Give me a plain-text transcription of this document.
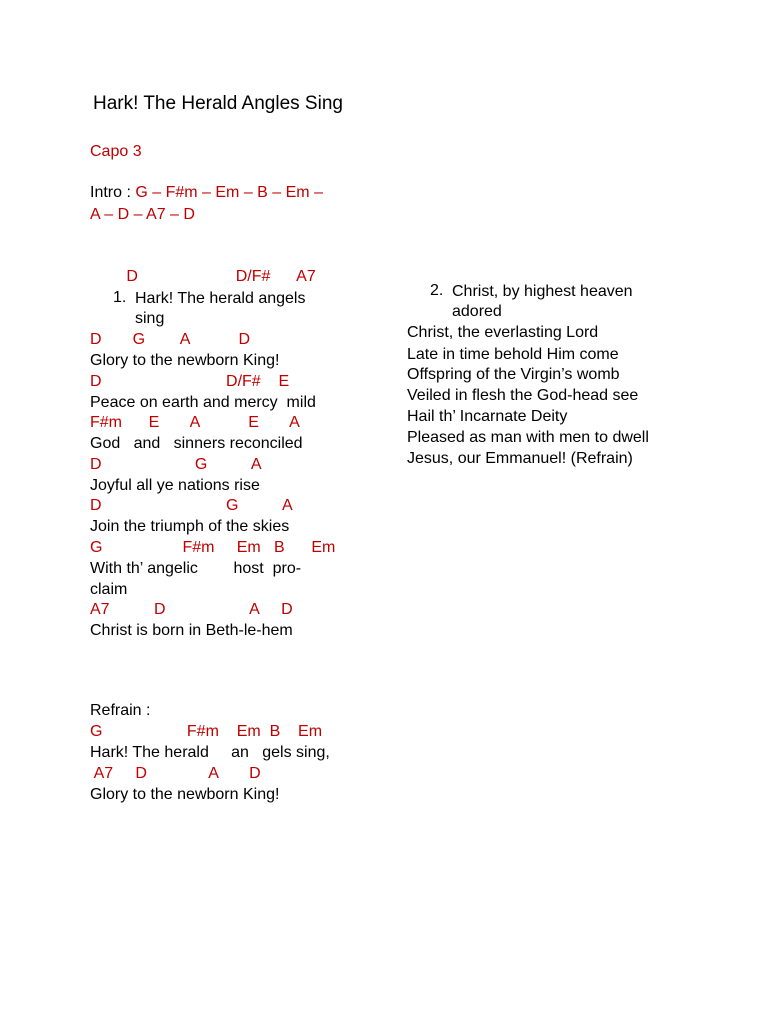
Hark! The Herald Angles Sing
Capo 3
Intro : G – F#m – Em – B – Em –
A – D – A7 – D
D                      D/F#      A7
1. Hark! The herald angels
sing
D       G        A           D
Glory to the newborn King!
D                            D/F#    E
Peace on earth and mercy  mild
F#m      E       A           E       A
God   and   sinners reconciled
D                     G          A
Joyful all ye nations rise
D                            G          A
Join the triumph of the skies
G                  F#m     Em   B      Em
With th’ angelic        host  pro-
claim
A7          D                   A     D
Christ is born in Beth-le-hem
Refrain :
G                   F#m    Em  B    Em
Hark! The herald     an   gels sing,
A7     D              A       D
Glory to the newborn King!
2. Christ, by highest heaven
adored
Christ, the everlasting Lord
Late in time behold Him come
Offspring of the Virgin’s womb
Veiled in flesh the God-head see
Hail th’ Incarnate Deity
Pleased as man with men to dwell
Jesus, our Emmanuel! (Refrain)
